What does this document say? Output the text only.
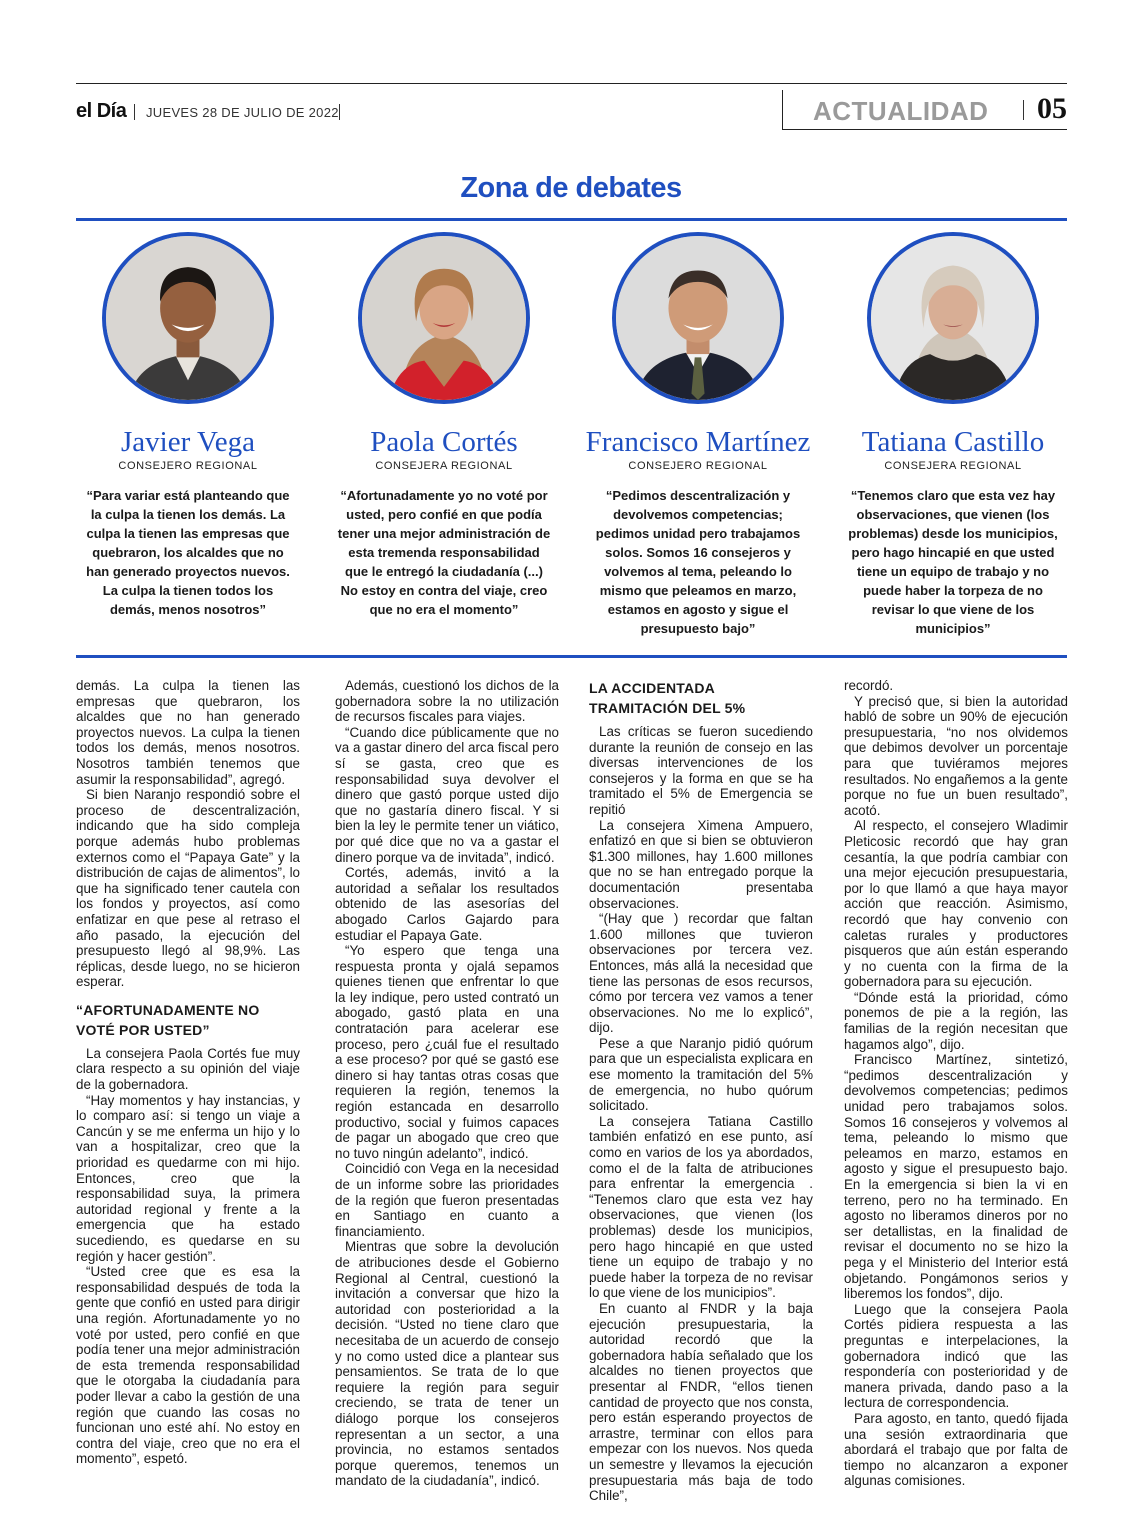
el Día JUEVES 28 DE JULIO DE 2022	ACTUALIDAD 05
Zona de debates
Javier Vega
CONSEJERO REGIONAL
“Para variar está planteando que la culpa la tienen los demás. La culpa la tienen las empresas que quebraron, los alcaldes que no han generado proyectos nuevos. La culpa la tienen todos los demás, menos nosotros”
Paola Cortés
CONSEJERA REGIONAL
“Afortunadamente yo no voté por usted, pero confié en que podía tener una mejor administración de esta tremenda responsabilidad que le entregó la ciudadanía (...) No estoy en contra del viaje, creo que no era el momento”
Francisco Martínez
CONSEJERO REGIONAL
“Pedimos descentralización y devolvemos competencias; pedimos unidad pero trabajamos solos. Somos 16 consejeros y volvemos al tema, peleando lo mismo que peleamos en marzo, estamos en agosto y sigue el presupuesto bajo”
Tatiana Castillo
CONSEJERA REGIONAL
“Tenemos claro que esta vez hay observaciones, que vienen (los problemas) desde los municipios, pero hago hincapié en que usted tiene un equipo de trabajo y no puede haber la torpeza de no revisar lo que viene de los municipios”

demás. La culpa la tienen las empresas que quebraron, los alcaldes que no han generado proyectos nuevos. La culpa la tienen todos los demás, menos nosotros. Nosotros también tenemos que asumir la responsabilidad”, agregó.

Si bien Naranjo respondió sobre el proceso de descentralización, indicando que ha sido compleja porque además hubo problemas externos como el “Papaya Gate” y la distribución de cajas de alimentos”, lo que ha significado tener cautela con los fondos y proyectos, así como enfatizar en que pese al retraso el año pasado, la ejecución del presupuesto llegó al 98,9%. Las réplicas, desde luego, no se hicieron esperar.

“AFORTUNADAMENTE NO VOTÉ POR USTED”

La consejera Paola Cortés fue muy clara respecto a su opinión del viaje de la gobernadora.

“Hay momentos y hay instancias, y lo comparo así: si tengo un viaje a Cancún y se me enferma un hijo y lo van a hospitalizar, creo que la prioridad es quedarme con mi hijo. Entonces, creo que la responsabilidad suya, la primera autoridad regional y frente a la emergencia que ha estado sucediendo, es quedarse en su región y hacer gestión”.

“Usted cree que es esa la responsabilidad después de toda la gente que confió en usted para dirigir una región. Afortunadamente yo no voté por usted, pero confié en que podía tener una mejor administración de esta tremenda responsabilidad que le otorgaba la ciudadanía para poder llevar a cabo la gestión de una región que cuando las cosas no funcionan uno esté ahí. No estoy en contra del viaje, creo que no era el momento”, espetó.

Además, cuestionó los dichos de la gobernadora sobre la no utilización de recursos fiscales para viajes.

“Cuando dice públicamente que no va a gastar dinero del arca fiscal pero sí se gasta, creo que es responsabilidad suya devolver el dinero que gastó porque usted dijo que no gastaría dinero fiscal. Y si bien la ley le permite tener un viático, por qué dice que no va a gastar el dinero porque va de invitada”, indicó.

Cortés, además, invitó a la autoridad a señalar los resultados obtenido de las asesorías del abogado Carlos Gajardo para estudiar el Papaya Gate.

“Yo espero que tenga una respuesta pronta y ojalá sepamos quienes tienen que enfrentar lo que la ley indique, pero usted contrató un abogado, gastó plata en una contratación para acelerar ese proceso, pero ¿cuál fue el resultado a ese proceso? por qué se gastó ese dinero si hay tantas otras cosas que requieren la región, tenemos la región estancada en desarrollo productivo, social y fuimos capaces de pagar un abogado que creo que no tuvo ningún adelanto”, indicó.

Coincidió con Vega en la necesidad de un informe sobre las prioridades de la región que fueron presentadas en Santiago en cuanto a financiamiento.

Mientras que sobre la devolución de atribuciones desde el Gobierno Regional al Central, cuestionó la invitación a conversar que hizo la autoridad con posterioridad a la decisión. “Usted no tiene claro que necesitaba de un acuerdo de consejo y no como usted dice a plantear sus pensamientos. Se trata de lo que requiere la región para seguir creciendo, se trata de tener un diálogo porque los consejeros representan a un sector, a una provincia, no estamos sentados porque queremos, tenemos un mandato de la ciudadanía”, indicó.

LA ACCIDENTADA TRAMITACIÓN DEL 5%

Las críticas se fueron sucediendo durante la reunión de consejo en las diversas intervenciones de los consejeros y la forma en que se ha tramitado el 5% de Emergencia se repitió

La consejera Ximena Ampuero, enfatizó en que si bien se obtuvieron $1.300 millones, hay 1.600 millones que no se han entregado porque la documentación presentaba observaciones.

“(Hay que ) recordar que faltan 1.600 millones que tuvieron observaciones por tercera vez. Entonces, más allá la necesidad que tiene las personas de esos recursos, cómo por tercera vez vamos a tener observaciones. No me lo explicó”, dijo.

Pese a que Naranjo pidió quórum para que un especialista explicara en ese momento la tramitación del 5% de emergencia, no hubo quórum solicitado.

La consejera Tatiana Castillo también enfatizó en ese punto, así como en varios de los ya abordados, como el de la falta de atribuciones para enfrentar la emergencia . “Tenemos claro que esta vez hay observaciones, que vienen (los problemas) desde los municipios, pero hago hincapié en que usted tiene un equipo de trabajo y no puede haber la torpeza de no revisar lo que viene de los municipios”.

En cuanto al FNDR y la baja ejecución presupuestaria, la autoridad recordó que la gobernadora había señalado que los alcaldes no tienen proyectos que presentar al FNDR, “ellos tienen cantidad de proyecto que nos consta, pero están esperando proyectos de arrastre, terminar con ellos para empezar con los nuevos. Nos queda un semestre y llevamos la ejecución presupuestaria más baja de todo Chile”,

recordó.

Y precisó que, si bien la autoridad habló de sobre un 90% de ejecución presupuestaria, “no nos olvidemos que debimos devolver un porcentaje para que tuviéramos mejores resultados. No engañemos a la gente porque no fue un buen resultado”, acotó.

Al respecto, el consejero Wladimir Pleticosic recordó que hay gran cesantía, la que podría cambiar con una mejor ejecución presupuestaria, por lo que llamó a que haya mayor acción que reacción. Asimismo, recordó que hay convenio con caletas rurales y productores pisqueros que aún están esperando y no cuenta con la firma de la gobernadora para su ejecución.

“Dónde está la prioridad, cómo ponemos de pie a la región, las familias de la región necesitan que hagamos algo”, dijo.

Francisco Martínez, sintetizó, “pedimos descentralización y devolvemos competencias; pedimos unidad pero trabajamos solos. Somos 16 consejeros y volvemos al tema, peleando lo mismo que peleamos en marzo, estamos en agosto y sigue el presupuesto bajo. En la emergencia si bien la vi en terreno, pero no ha terminado. En agosto no liberamos dineros por no ser detallistas, en la finalidad de revisar el documento no se hizo la pega y el Ministerio del Interior está objetando. Pongámonos serios y liberemos los fondos”, dijo.

Luego que la consejera Paola Cortés pidiera respuesta a las preguntas e interpelaciones, la gobernadora indicó que las respondería con posterioridad y de manera privada, dando paso a la lectura de correspondencia.

Para agosto, en tanto, quedó fijada una sesión extraordinaria que abordará el trabajo que por falta de tiempo no alcanzaron a exponer algunas comisiones.
